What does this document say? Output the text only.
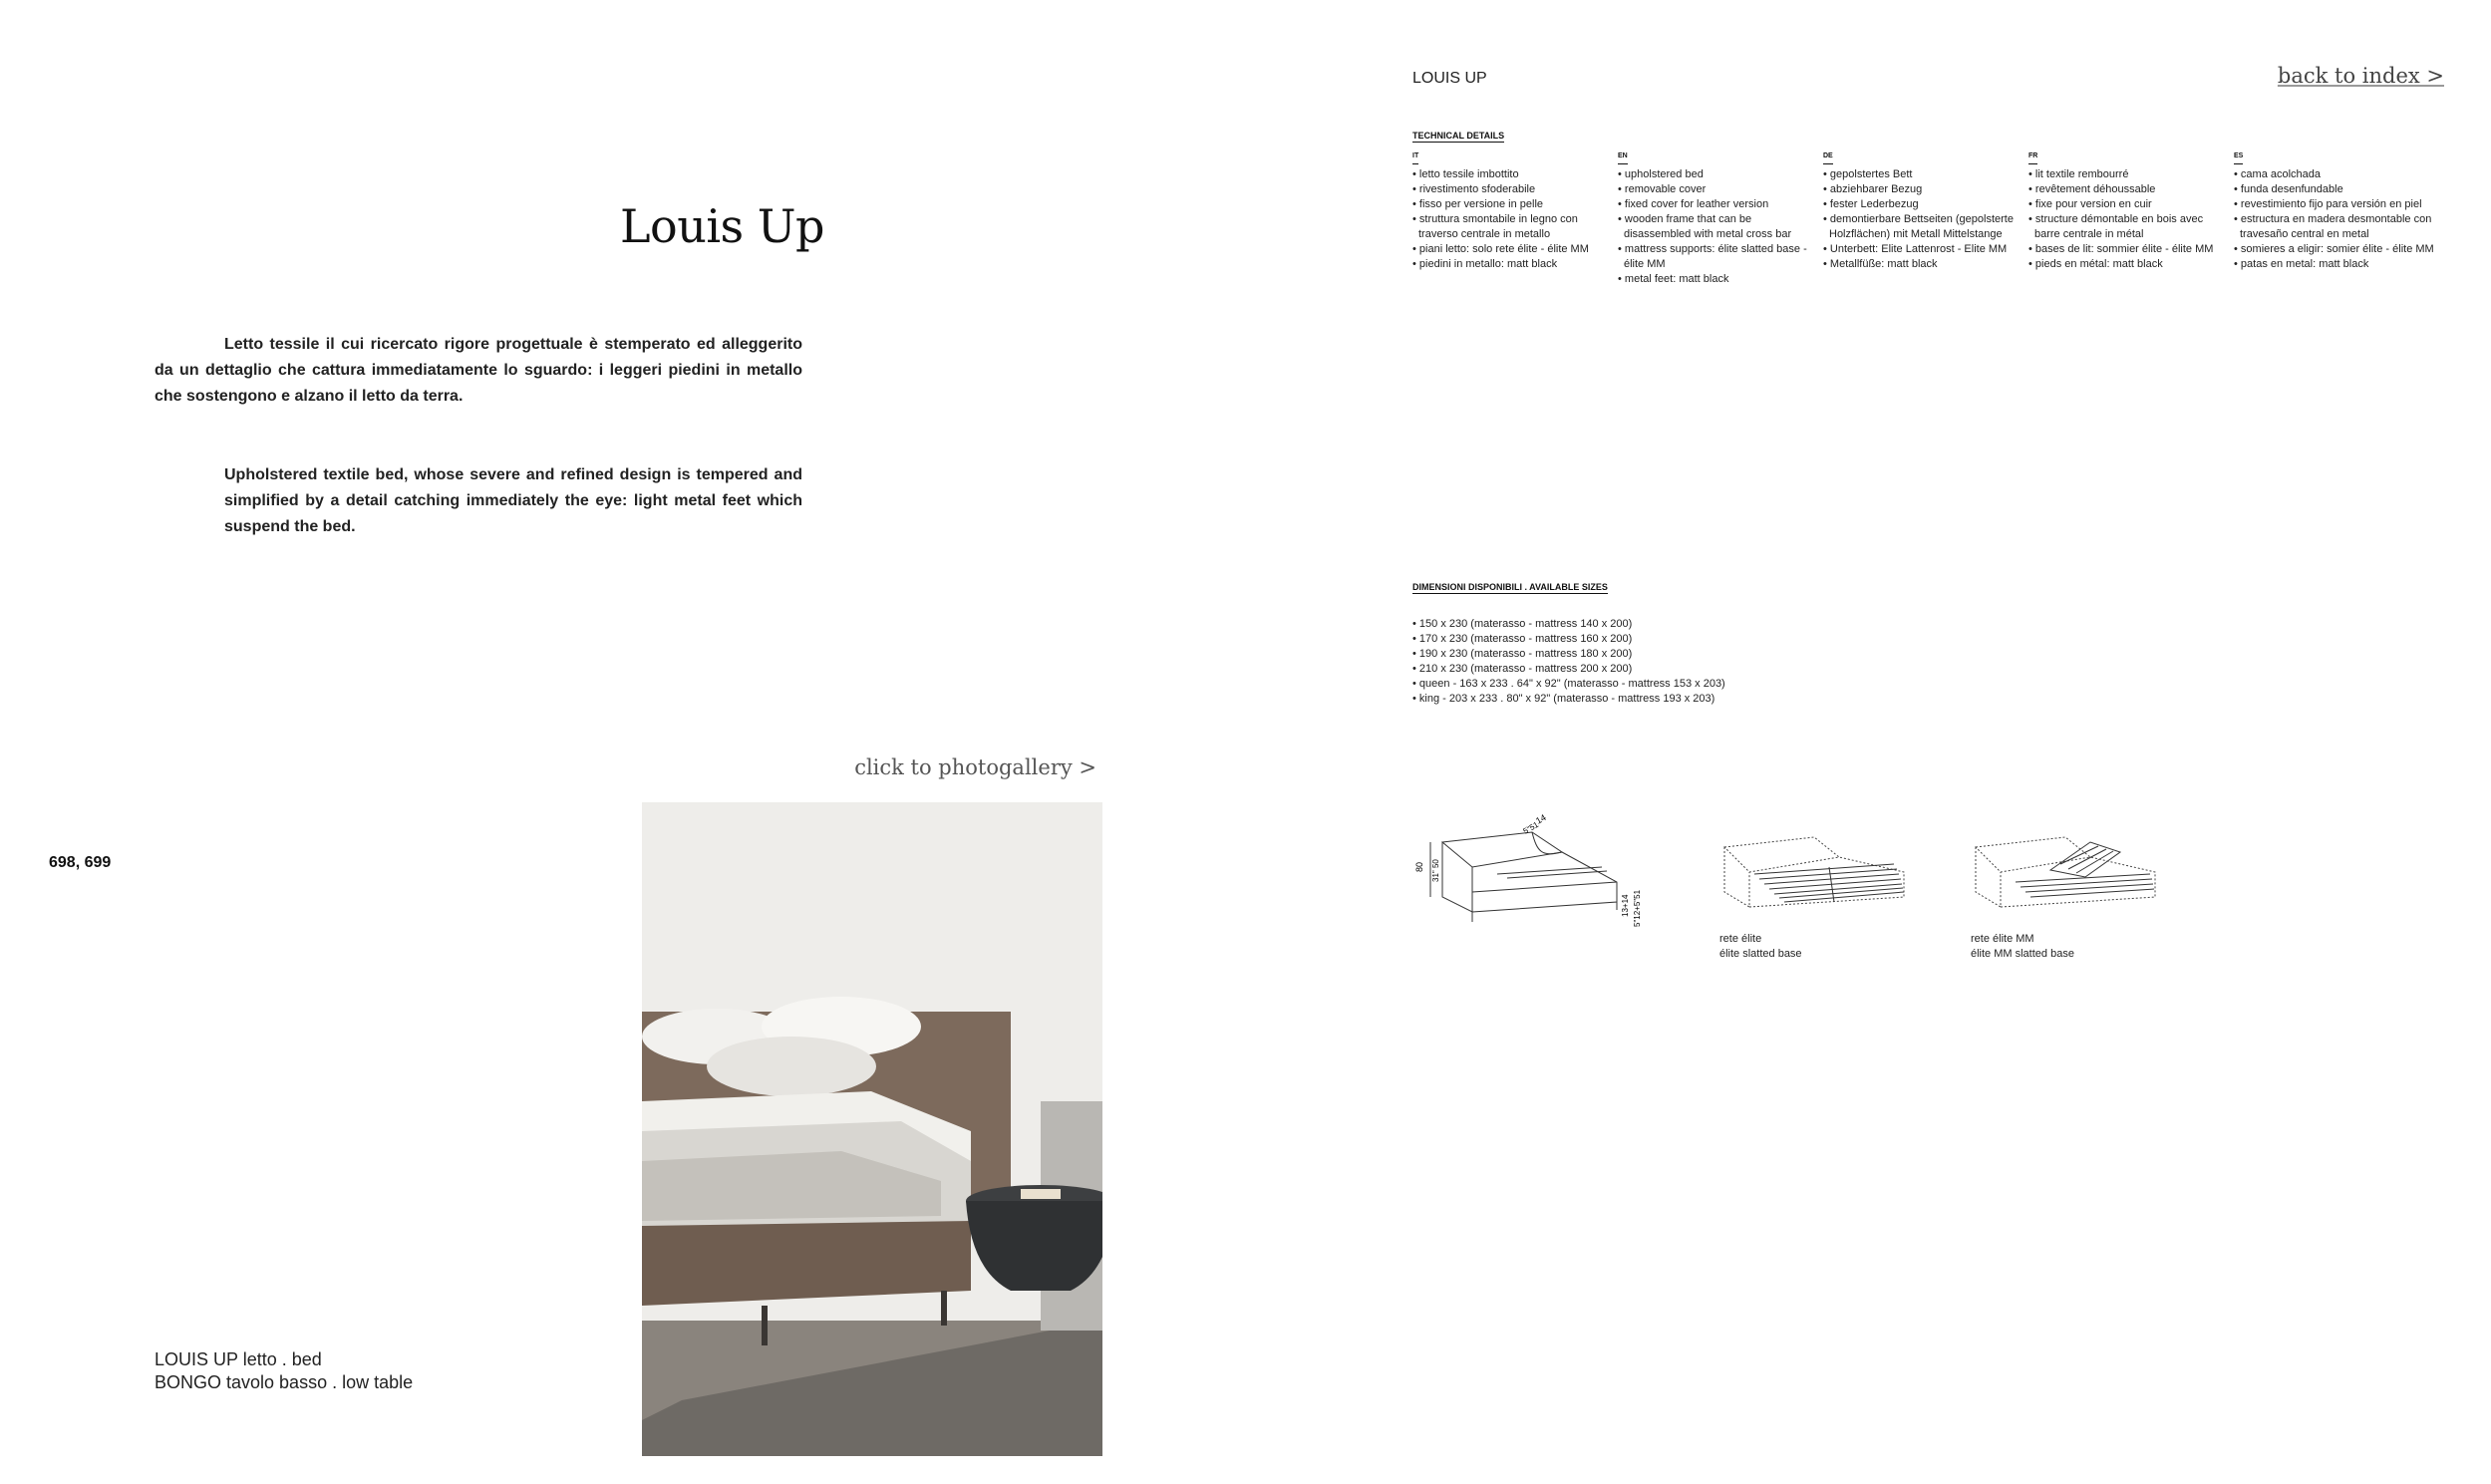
Louis Up
Letto tessile il cui ricercato rigore progettuale è stemperato ed alleggerito da un dettaglio che cattura immediatamente lo sguardo: i leggeri piedini in metallo che sostengono e alzano il letto da terra.
Upholstered textile bed, whose severe and refined design is tempered and simplified by a detail catching immediately the eye: light metal feet which suspend the bed.
click to photogallery >
698, 699
LOUIS UP letto . bed
BONGO tavolo basso . low table
LOUIS UP	back to index >
TECHNICAL DETAILS
IT
• letto tessile imbottito
• rivestimento sfoderabile
• fisso per versione in pelle
• struttura smontabile in legno con traverso centrale in metallo
• piani letto: solo rete élite - élite MM
• piedini in metallo: matt black
EN
• upholstered bed
• removable cover
• fixed cover for leather version
• wooden frame that can be disassembled with metal cross bar
• mattress supports: élite slatted base - élite MM
• metal feet: matt black
DE
• gepolstertes Bett
• abziehbarer Bezug
• fester Lederbezug
• demontierbare Bettseiten (gepolsterte Holzflächen) mit Metall Mittelstange
• Unterbett: Elite Lattenrost - Elite MM
• Metallfüße: matt black
FR
• lit textile rembourré
• revêtement déhoussable
• fixe pour version en cuir
• structure démontable en bois avec barre centrale in métal
• bases de lit: sommier élite - élite MM
• pieds en métal: matt black
ES
• cama acolchada
• funda desenfundable
• revestimiento fijo para versión en piel
• estructura en madera desmontable con travesaño central en metal
• somieres a eligir: somier élite - élite MM
• patas en metal: matt black
DIMENSIONI DISPONIBILI . AVAILABLE SIZES
• 150 x 230 (materasso - mattress 140 x 200)
• 170 x 230 (materasso - mattress 160 x 200)
• 190 x 230 (materasso - mattress 180 x 200)
• 210 x 230 (materasso - mattress 200 x 200)
• queen - 163 x 233 . 64" x 92" (materasso - mattress 153 x 203)
• king - 203 x 233 . 80" x 92" (materasso - mattress 193 x 203)
80 31" 50
14
5"51
13+14 5"12+5"51
rete élite
élite slatted base
rete élite MM
élite MM slatted base
